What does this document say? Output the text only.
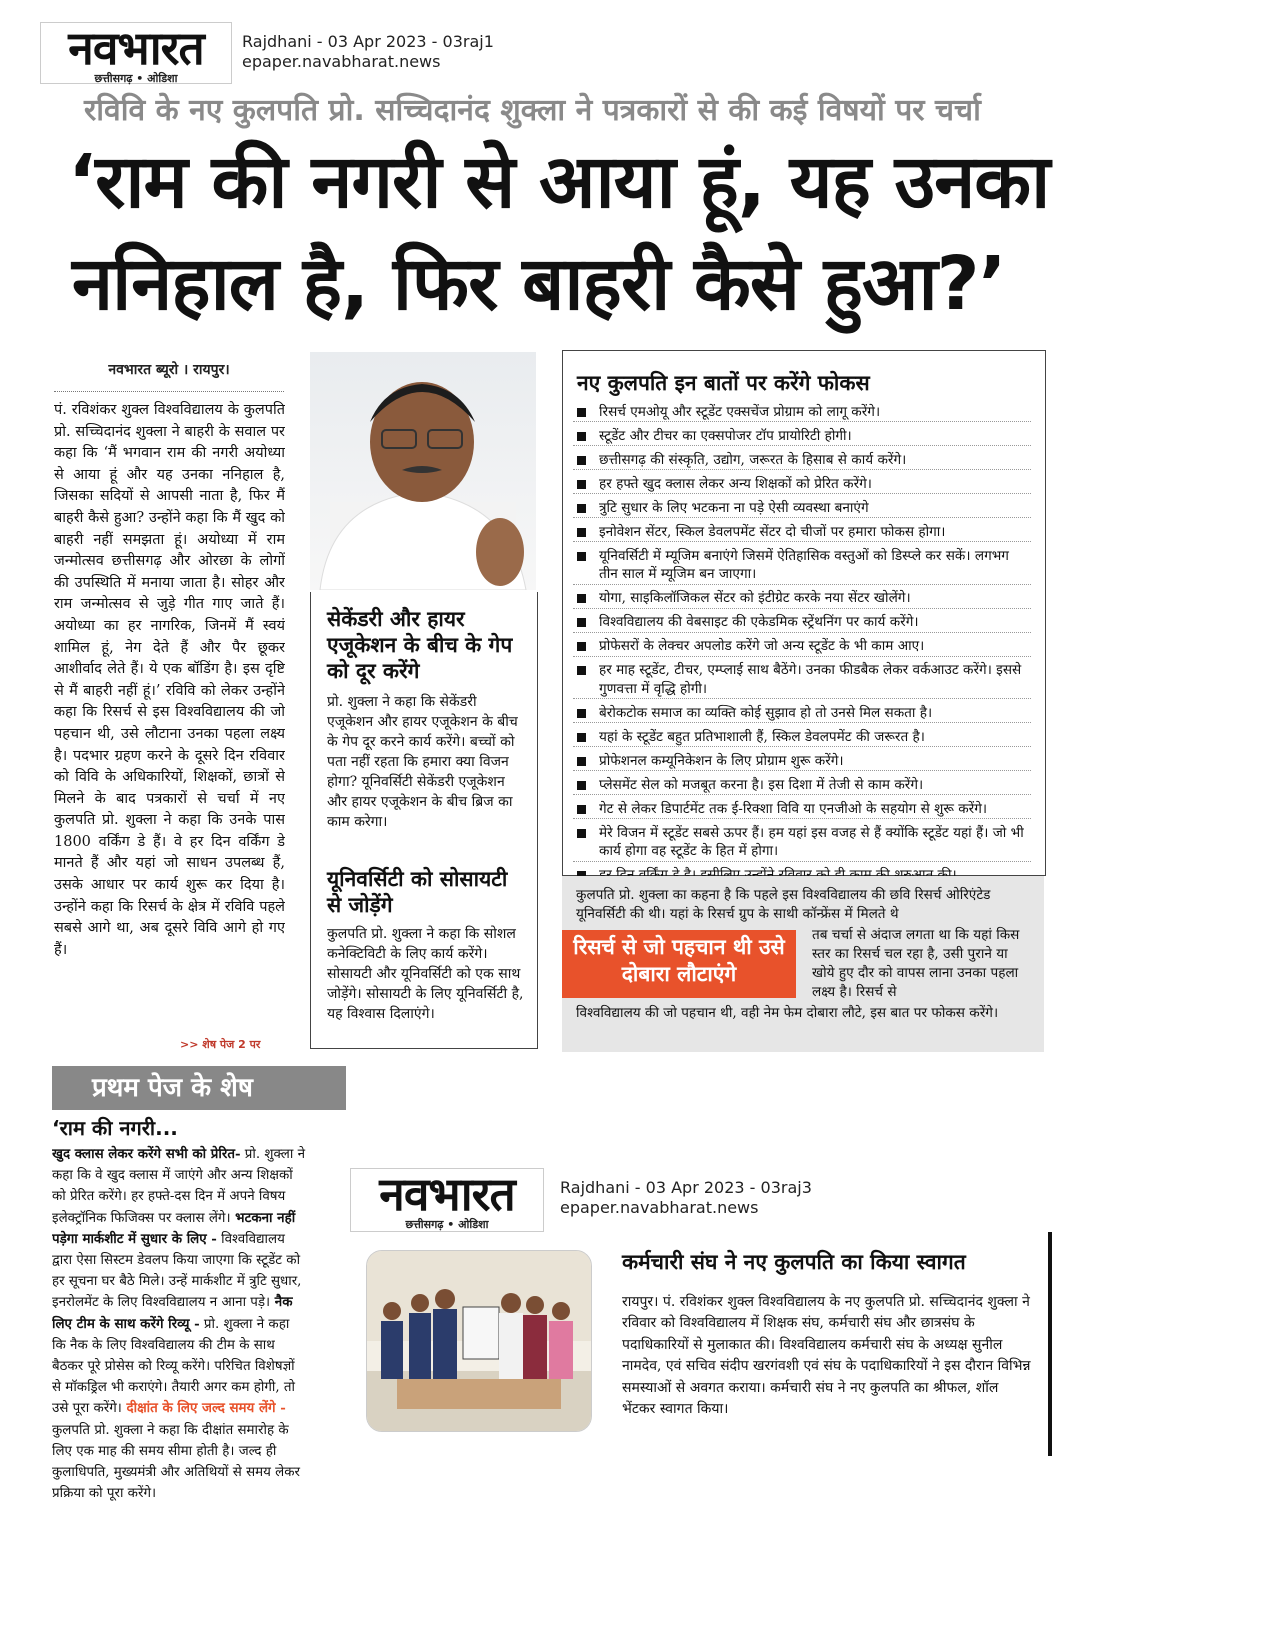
नवभारत
छत्तीसगढ़ • ओडिशा
Rajdhani - 03 Apr 2023 - 03raj1
epaper.navabharat.news
रविवि के नए कुलपति प्रो. सच्चिदानंद शुक्ला ने पत्रकारों से की कई विषयों पर चर्चा
‘राम की नगरी से आया हूं, यह उनका
ननिहाल है, फिर बाहरी कैसे हुआ?’
नवभारत ब्यूरो । रायपुर।
पं. रविशंकर शुक्ल विश्वविद्यालय के कुलपति प्रो. सच्चिदानंद शुक्ला ने बाहरी के सवाल पर कहा कि ‘मैं भगवान राम की नगरी अयोध्या से आया हूं और यह उनका ननिहाल है, जिसका सदियों से आपसी नाता है, फिर मैं बाहरी कैसे हुआ? उन्होंने कहा कि मैं खुद को बाहरी नहीं समझता हूं। अयोध्या में राम जन्मोत्सव छत्तीसगढ़ और ओरछा के लोगों की उपस्थिति में मनाया जाता है। सोहर और राम जन्मोत्सव से जुड़े गीत गाए जाते हैं। अयोध्या का हर नागरिक, जिनमें मैं स्वयं शामिल हूं, नेग देते हैं और पैर छूकर आशीर्वाद लेते हैं। ये एक बॉडिंग है। इस दृष्टि से मैं बाहरी नहीं हूं।’ रविवि को लेकर उन्होंने कहा कि रिसर्च से इस विश्वविद्यालय की जो पहचान थी, उसे लौटाना उनका पहला लक्ष्य है। पदभार ग्रहण करने के दूसरे दिन रविवार को विवि के अधिकारियों, शिक्षकों, छात्रों से मिलने के बाद पत्रकारों से चर्चा में नए कुलपति प्रो. शुक्ला ने कहा कि उनके पास 1800 वर्किंग डे हैं। वे हर दिन वर्किंग डे मानते हैं और यहां जो साधन उपलब्ध हैं, उसके आधार पर कार्य शुरू कर दिया है। उन्होंने कहा कि रिसर्च के क्षेत्र में रविवि पहले सबसे आगे था, अब दूसरे विवि आगे हो गए हैं।
>> शेष पेज 2 पर
सेकेंडरी और हायर एजूकेशन के बीच के गेप को दूर करेंगे
प्रो. शुक्ला ने कहा कि सेकेंडरी एजूकेशन और हायर एजूकेशन के बीच के गेप दूर करने कार्य करेंगे। बच्चों को पता नहीं रहता कि हमारा क्या विजन होगा? यूनिवर्सिटी सेकेंडरी एजूकेशन और हायर एजूकेशन के बीच ब्रिज का काम करेगा।
यूनिवर्सिटी को सोसायटी से जोड़ेंगे
कुलपति प्रो. शुक्ला ने कहा कि सोशल कनेक्टिविटी के लिए कार्य करेंगे। सोसायटी और यूनिवर्सिटी को एक साथ जोड़ेंगे। सोसायटी के लिए यूनिवर्सिटी है, यह विश्वास दिलाएंगे।
नए कुलपति इन बातों पर करेंगे फोकस
रिसर्च एमओयू और स्टूडेंट एक्सचेंज प्रोग्राम को लागू करेंगे।
स्टूडेंट और टीचर का एक्सपोजर टॉप प्रायोरिटी होगी।
छत्तीसगढ़ की संस्कृति, उद्योग, जरूरत के हिसाब से कार्य करेंगे।
हर हफ्ते खुद क्लास लेकर अन्य शिक्षकों को प्रेरित करेंगे।
त्रुटि सुधार के लिए भटकना ना पड़े ऐसी व्यवस्था बनाएंगे
इनोवेशन सेंटर, स्किल डेवलपमेंट सेंटर दो चीजों पर हमारा फोकस होगा।
यूनिवर्सिटी में म्यूजिम बनाएंगे जिसमें ऐतिहासिक वस्तुओं को डिस्प्ले कर सकें। लगभग तीन साल में म्यूजिम बन जाएगा।
योगा, साइकिलॉजिकल सेंटर को इंटीग्रेट करके नया सेंटर खोलेंगे।
विश्वविद्यालय की वेबसाइट की एकेडमिक स्ट्रेंथनिंग पर कार्य करेंगे।
प्रोफेसरों के लेक्चर अपलोड करेंगे जो अन्य स्टूडेंट के भी काम आए।
हर माह स्टूडेंट, टीचर, एम्प्लाई साथ बैठेंगे। उनका फीडबैक लेकर वर्कआउट करेंगे। इससे गुणवत्ता में वृद्धि होगी।
बेरोकटोक समाज का व्यक्ति कोई सुझाव हो तो उनसे मिल सकता है।
यहां के स्टूडेंट बहुत प्रतिभाशाली हैं, स्किल डेवलपमेंट की जरूरत है।
प्रोफेशनल कम्यूनिकेशन के लिए प्रोग्राम शुरू करेंगे।
प्लेसमेंट सेल को मजबूत करना है। इस दिशा में तेजी से काम करेंगे।
गेट से लेकर डिपार्टमेंट तक ई-रिक्शा विवि या एनजीओ के सहयोग से शुरू करेंगे।
मेरे विजन में स्टूडेंट सबसे ऊपर हैं। हम यहां इस वजह से हैं क्योंकि स्टूडेंट यहां हैं। जो भी कार्य होगा वह स्टूडेंट के हित में होगा।
कुलपति प्रो. शुक्ला का कहना है कि पहले इस विश्वविद्यालय की छवि रिसर्च ओरिएंटेड यूनिवर्सिटी की थी। यहां के रिसर्च ग्रुप के साथी कॉन्फ्रेंस में मिलते थे
रिसर्च से जो पहचान थी उसे दोबारा लौटाएंगे
तब चर्चा से अंदाज लगता था कि यहां किस स्तर का रिसर्च चल रहा है, उसी पुराने या खोये हुए दौर को वापस लाना उनका पहला लक्ष्य है। रिसर्च से
विश्वविद्यालय की जो पहचान थी, वही नेम फेम दोबारा लौटे, इस बात पर फोकस करेंगे।
प्रथम पेज के शेष
‘राम की नगरी...
खुद क्लास लेकर करेंगे सभी को प्रेरित- प्रो. शुक्ला ने कहा कि वे खुद क्लास में जाएंगे और अन्य शिक्षकों को प्रेरित करेंगे। हर हफ्ते-दस दिन में अपने विषय इलेक्ट्रॉनिक फिजिक्स पर क्लास लेंगे। भटकना नहीं पड़ेगा मार्कशीट में सुधार के लिए - विश्वविद्यालय द्वारा ऐसा सिस्टम डेवलप किया जाएगा कि स्टूडेंट को हर सूचना घर बैठे मिले। उन्हें मार्कशीट में त्रुटि सुधार, इनरोलमेंट के लिए विश्वविद्यालय न आना पड़े। नैक लिए टीम के साथ करेंगे रिव्यू - प्रो. शुक्ला ने कहा कि नैक के लिए विश्वविद्यालय की टीम के साथ बैठकर पूरे प्रोसेस को रिव्यू करेंगे। परिचित विशेषज्ञों से मॉकड्रिल भी कराएंगे। तैयारी अगर कम होगी, तो उसे पूरा करेंगे। दीक्षांत के लिए जल्द समय लेंगे - कुलपति प्रो. शुक्ला ने कहा कि दीक्षांत समारोह के लिए एक माह की समय सीमा होती है। जल्द ही कुलाधिपति, मुख्यमंत्री और अतिथियों से समय लेकर प्रक्रिया को पूरा करेंगे।
नवभारत
छत्तीसगढ़ • ओडिशा
Rajdhani - 03 Apr 2023 - 03raj3
epaper.navabharat.news
कर्मचारी संघ ने नए कुलपति का किया स्वागत
रायपुर। पं. रविशंकर शुक्ल विश्वविद्यालय के नए कुलपति प्रो. सच्चिदानंद शुक्ला ने रविवार को विश्वविद्यालय में शिक्षक संघ, कर्मचारी संघ और छात्रसंघ के पदाधिकारियों से मुलाकात की। विश्वविद्यालय कर्मचारी संघ के अध्यक्ष सुनील नामदेव, एवं सचिव संदीप खरगंवशी एवं संघ के पदाधिकारियों ने इस दौरान विभिन्न समस्याओं से अवगत कराया। कर्मचारी संघ ने नए कुलपति का श्रीफल, शॉल भेंटकर स्वागत किया।
